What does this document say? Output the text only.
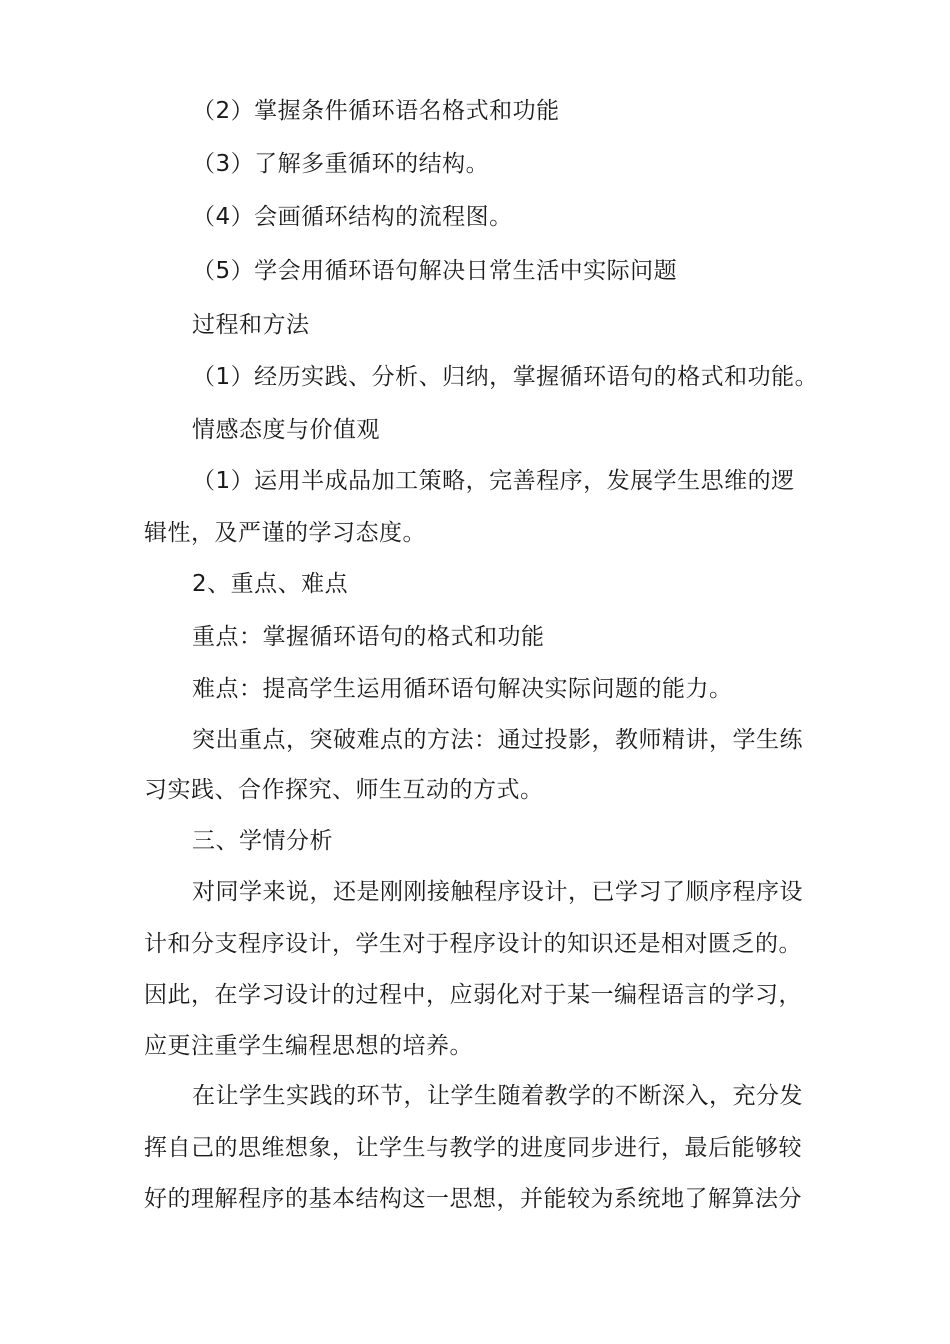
（2）掌握条件循环语名格式和功能
（3）了解多重循环的结构。
（4）会画循环结构的流程图。
（5）学会用循环语句解决日常生活中实际问题
过程和方法
（1）经历实践、分析、归纳，掌握循环语句的格式和功能。
情感态度与价值观
（1）运用半成品加工策略，完善程序，发展学生思维的逻
辑性，及严谨的学习态度。
2、重点、难点
重点：掌握循环语句的格式和功能
难点：提高学生运用循环语句解决实际问题的能力。
突出重点，突破难点的方法：通过投影，教师精讲，学生练
习实践、合作探究、师生互动的方式。
三、学情分析
对同学来说，还是刚刚接触程序设计，已学习了顺序程序设
计和分支程序设计，学生对于程序设计的知识还是相对匮乏的。
因此，在学习设计的过程中，应弱化对于某一编程语言的学习，
应更注重学生编程思想的培养。
在让学生实践的环节，让学生随着教学的不断深入，充分发
挥自己的思维想象，让学生与教学的进度同步进行，最后能够较
好的理解程序的基本结构这一思想，并能较为系统地了解算法分
